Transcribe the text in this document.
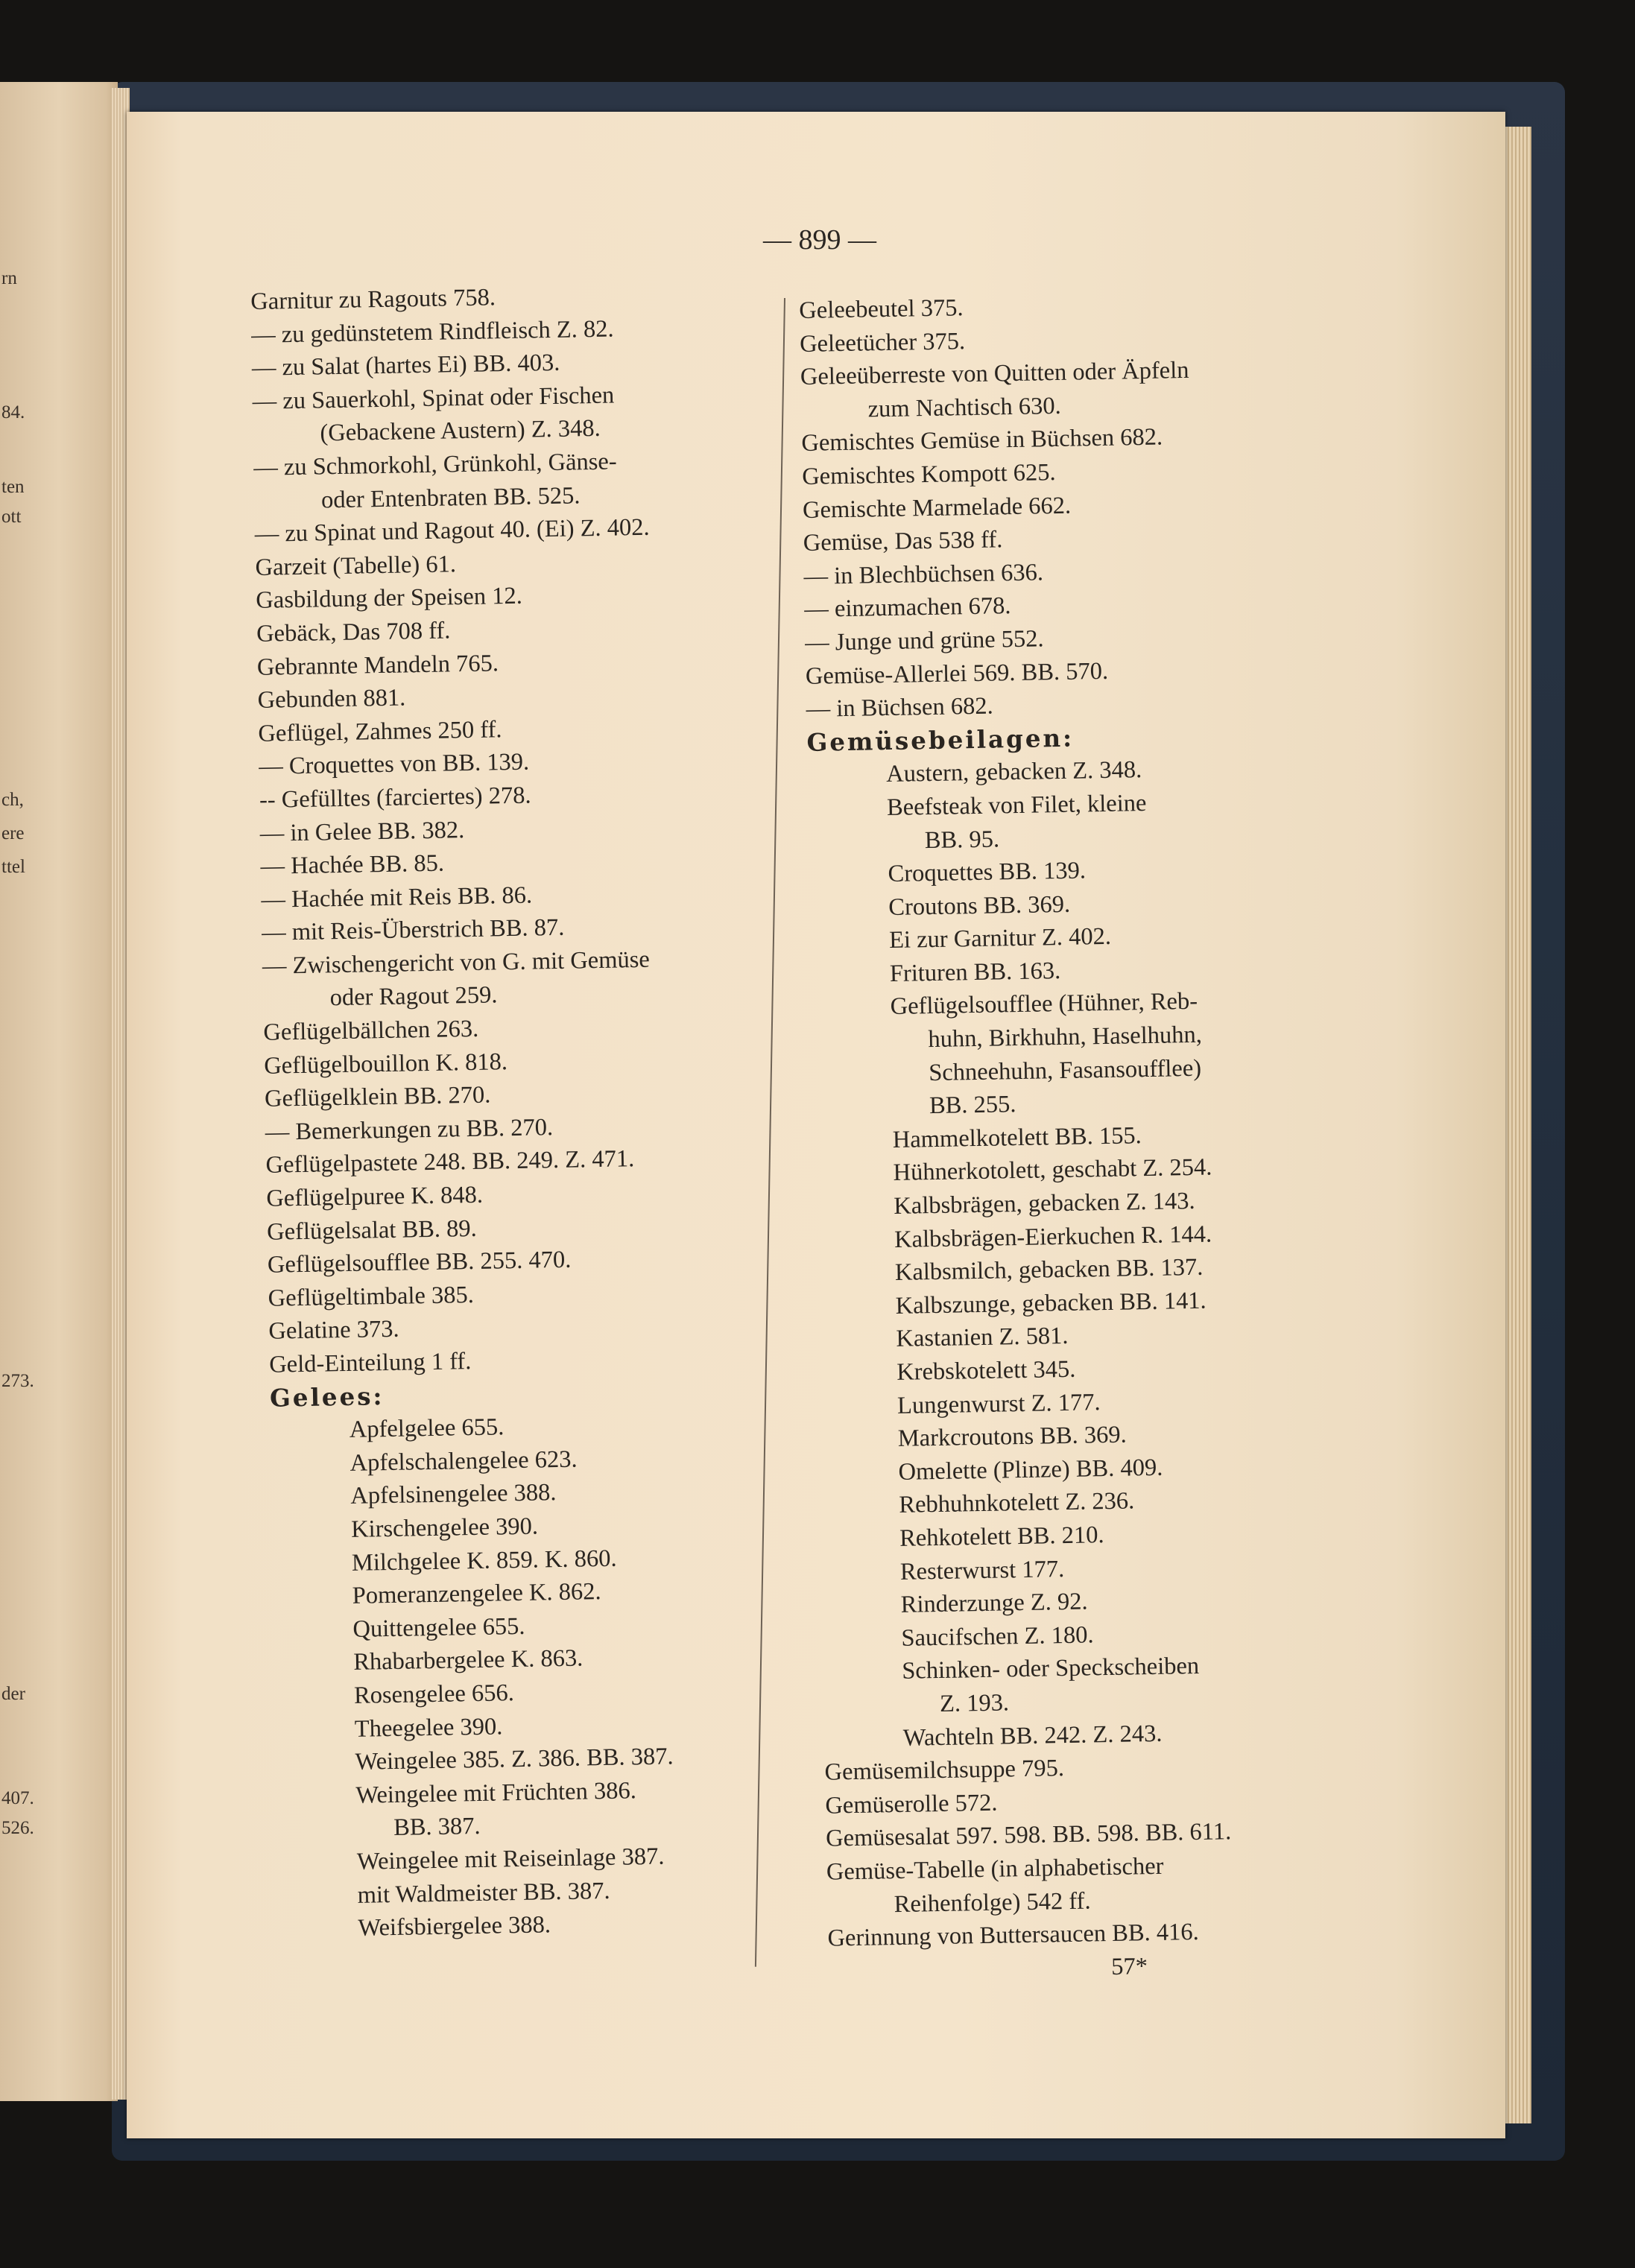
rn
84.
ten
ott
ch,
ere
ttel
273.
der
407.
526.
— 899 —
Garnitur zu Ragouts 758.
— zu gedünstetem Rindfleisch Z. 82.
— zu Salat (hartes Ei) BB. 403.
— zu Sauerkohl, Spinat oder Fischen
(Gebackene Austern) Z. 348.
— zu Schmorkohl, Grünkohl, Gänse-
oder Entenbraten BB. 525.
— zu Spinat und Ragout 40. (Ei) Z. 402.
Garzeit (Tabelle) 61.
Gasbildung der Speisen 12.
Gebäck, Das 708 ff.
Gebrannte Mandeln 765.
Gebunden 881.
Geflügel, Zahmes 250 ff.
— Croquettes von BB. 139.
-- Gefülltes (farciertes) 278.
— in Gelee BB. 382.
— Hachée BB. 85.
— Hachée mit Reis BB. 86.
— mit Reis-Überstrich BB. 87.
— Zwischengericht von G. mit Gemüse
oder Ragout 259.
Geflügelbällchen 263.
Geflügelbouillon K. 818.
Geflügelklein BB. 270.
— Bemerkungen zu BB. 270.
Geflügelpastete 248. BB. 249. Z. 471.
Geflügelpuree K. 848.
Geflügelsalat BB. 89.
Geflügelsoufflee BB. 255. 470.
Geflügeltimbale 385.
Gelatine 373.
Geld-Einteilung 1 ff.
Gelees:
Apfelgelee 655.
Apfelschalengelee 623.
Apfelsinengelee 388.
Kirschengelee 390.
Milchgelee K. 859. K. 860.
Pomeranzengelee K. 862.
Quittengelee 655.
Rhabarbergelee K. 863.
Rosengelee 656.
Theegelee 390.
Weingelee 385. Z. 386. BB. 387.
Weingelee mit Früchten 386.
BB. 387.
Weingelee mit Reiseinlage 387.
mit Waldmeister BB. 387.
Weifsbiergelee 388.
Geleebeutel 375.
Geleetücher 375.
Geleeüberreste von Quitten oder Äpfeln
zum Nachtisch 630.
Gemischtes Gemüse in Büchsen 682.
Gemischtes Kompott 625.
Gemischte Marmelade 662.
Gemüse, Das 538 ff.
— in Blechbüchsen 636.
— einzumachen 678.
— Junge und grüne 552.
Gemüse-Allerlei 569. BB. 570.
— in Büchsen 682.
Gemüsebeilagen:
Austern, gebacken Z. 348.
Beefsteak von Filet, kleine
BB. 95.
Croquettes BB. 139.
Croutons BB. 369.
Ei zur Garnitur Z. 402.
Frituren BB. 163.
Geflügelsoufflee (Hühner, Reb-
huhn, Birkhuhn, Haselhuhn,
Schneehuhn, Fasansoufflee)
BB. 255.
Hammelkotelett BB. 155.
Hühnerkotolett, geschabt Z. 254.
Kalbsbrägen, gebacken Z. 143.
Kalbsbrägen-Eierkuchen R. 144.
Kalbsmilch, gebacken BB. 137.
Kalbszunge, gebacken BB. 141.
Kastanien Z. 581.
Krebskotelett 345.
Lungenwurst Z. 177.
Markcroutons BB. 369.
Omelette (Plinze) BB. 409.
Rebhuhnkotelett Z. 236.
Rehkotelett BB. 210.
Resterwurst 177.
Rinderzunge Z. 92.
Saucifschen Z. 180.
Schinken- oder Speckscheiben
Z. 193.
Wachteln BB. 242. Z. 243.
Gemüsemilchsuppe 795.
Gemüserolle 572.
Gemüsesalat 597. 598. BB. 598. BB. 611.
Gemüse-Tabelle (in alphabetischer
Reihenfolge) 542 ff.
Gerinnung von Buttersaucen BB. 416.
57*
